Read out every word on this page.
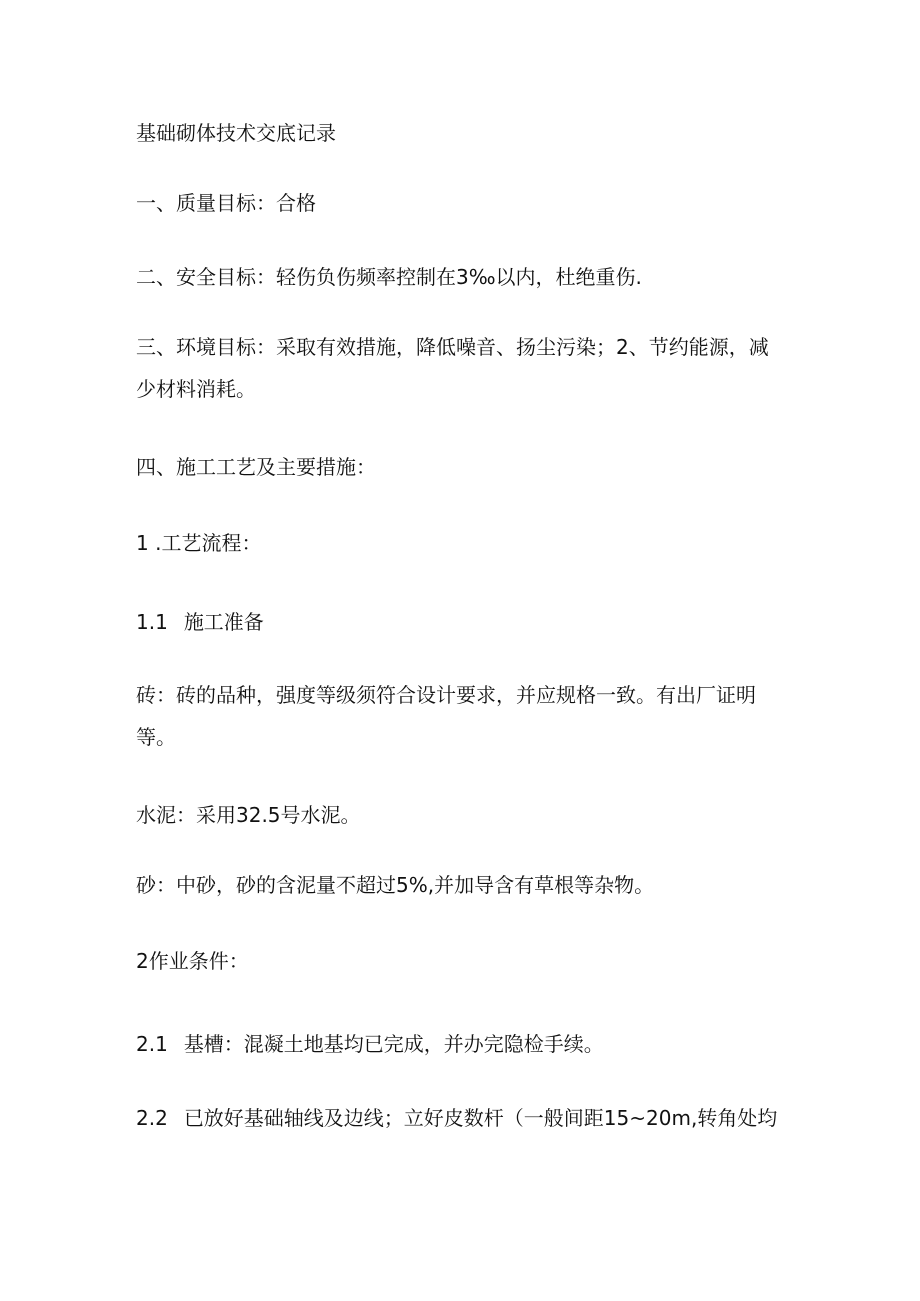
基础砌体技术交底记录

一、质量目标：合格

二、安全目标：轻伤负伤频率控制在3‰以内，杜绝重伤.

三、环境目标：采取有效措施，降低噪音、扬尘污染；2、节约能源，减少材料消耗。

四、施工工艺及主要措施：

1 .工艺流程：

1.1 施工准备

砖：砖的品种，强度等级须符合设计要求，并应规格一致。有出厂证明等。

水泥：采用32.5号水泥。

砂：中砂，砂的含泥量不超过5%,并加导含有草根等杂物。

2作业条件：

2.1 基槽：混凝土地基均已完成，并办完隐检手续。

2.2 已放好基础轴线及边线；立好皮数杆（一般间距15~20m,转角处均
